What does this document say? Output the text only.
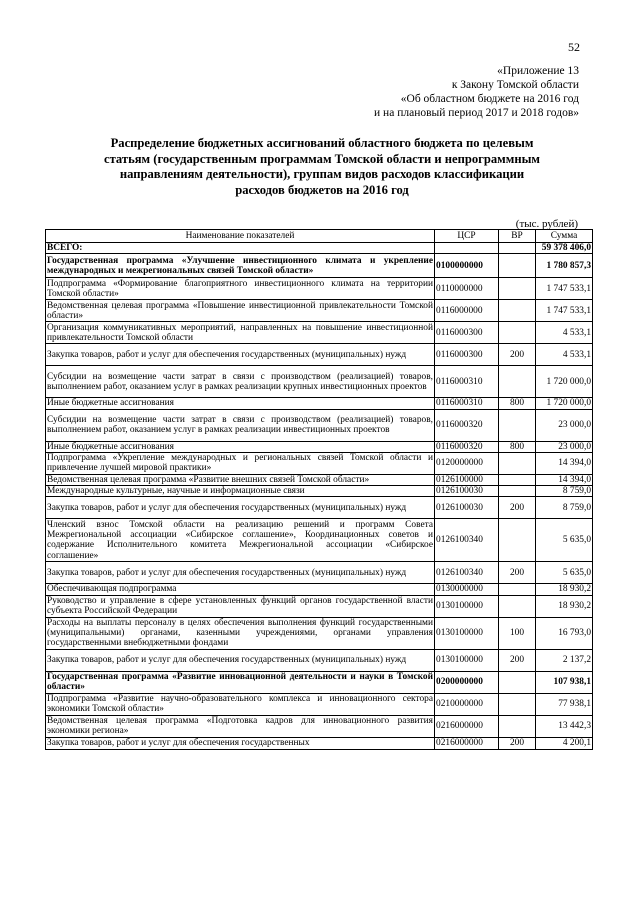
52
«Приложение 13
к Закону Томской области
«Об областном бюджете на 2016 год
и на плановый период 2017 и 2018 годов»
Распределение бюджетных ассигнований областного бюджета по целевым
статьям (государственным программам Томской области и непрограммным
направлениям деятельности), группам видов расходов классификации
расходов бюджетов на 2016 год
(тыс. рублей)
Наименование показателей	ЦСР	ВР	Сумма
ВСЕГО:			59 378 406,0
Государственная программа «Улучшение инвестиционного климата и укрепление международных и межрегиональных связей Томской области»	0100000000		1 780 857,3
Подпрограмма «Формирование благоприятного инвестиционного климата на территории Томской области»	0110000000		1 747 533,1
Ведомственная целевая программа «Повышение инвестиционной привлекательности Томской области»	0116000000		1 747 533,1
Организация коммуникативных мероприятий, направленных на повышение инвестиционной привлекательности Томской области	0116000300		4 533,1
Закупка товаров, работ и услуг для обеспечения государственных (муниципальных) нужд	0116000300	200	4 533,1
Субсидии на возмещение части затрат в связи с производством (реализацией) товаров, выполнением работ, оказанием услуг в рамках реализации крупных инвестиционных проектов	0116000310		1 720 000,0
Иные бюджетные ассигнования	0116000310	800	1 720 000,0
Субсидии на возмещение части затрат в связи с производством (реализацией) товаров, выполнением работ, оказанием услуг в рамках реализации инвестиционных проектов	0116000320		23 000,0
Иные бюджетные ассигнования	0116000320	800	23 000,0
Подпрограмма «Укрепление международных и региональных связей Томской области и привлечение лучшей мировой практики»	0120000000		14 394,0
Ведомственная целевая программа «Развитие внешних связей Томской области»	0126100000		14 394,0
Международные культурные, научные и информационные связи	0126100030		8 759,0
Закупка товаров, работ и услуг для обеспечения государственных (муниципальных) нужд	0126100030	200	8 759,0
Членский взнос Томской области на реализацию решений и программ Совета Межрегиональной ассоциации «Сибирское соглашение», Координационных советов и содержание Исполнительного комитета Межрегиональной ассоциации «Сибирское соглашение»	0126100340		5 635,0
Закупка товаров, работ и услуг для обеспечения государственных (муниципальных) нужд	0126100340	200	5 635,0
Обеспечивающая подпрограмма	0130000000		18 930,2
Руководство и управление в сфере установленных функций органов государственной власти субъекта Российской Федерации	0130100000		18 930,2
Расходы на выплаты персоналу в целях обеспечения выполнения функций государственными (муниципальными) органами, казенными учреждениями, органами управления государственными внебюджетными фондами	0130100000	100	16 793,0
Закупка товаров, работ и услуг для обеспечения государственных (муниципальных) нужд	0130100000	200	2 137,2
Государственная программа «Развитие инновационной деятельности и науки в Томской области»	0200000000		107 938,1
Подпрограмма «Развитие научно-образовательного комплекса и инновационного сектора экономики Томской области»	0210000000		77 938,1
Ведомственная целевая программа «Подготовка кадров для инновационного развития экономики региона»	0216000000		13 442,3
Закупка товаров, работ и услуг для обеспечения государственных	0216000000	200	4 200,1
